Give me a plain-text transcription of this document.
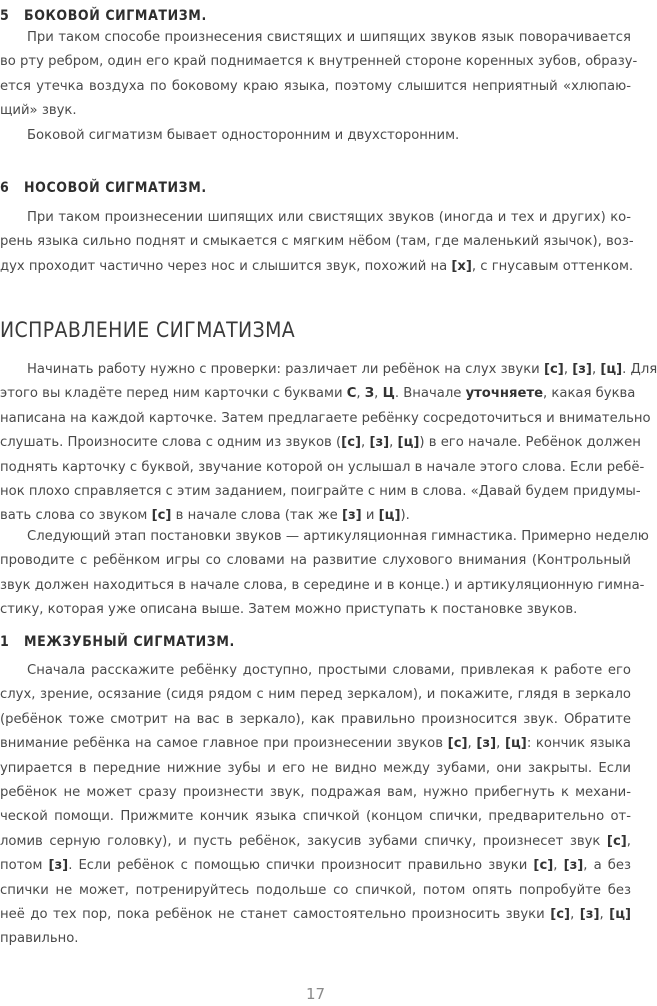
5 БОКОВОЙ СИГМАТИЗМ.
При таком способе произнесения свистящих и шипящих звуков язык поворачивается
во рту ребром, один его край поднимается к внутренней стороне коренных зубов, образу-
ется утечка воздуха по боковому краю языка, поэтому слышится неприятный «хлюпаю-
щий» звук.
Боковой сигматизм бывает односторонним и двухсторонним.
6 НОСОВОЙ СИГМАТИЗМ.
При таком произнесении шипящих или свистящих звуков (иногда и тех и других) ко-
рень языка сильно поднят и смыкается с мягким нёбом (там, где маленький язычок), воз-
дух проходит частично через нос и слышится звук, похожий на [х], с гнусавым оттенком.
ИСПРАВЛЕНИЕ СИГМАТИЗМА
Начинать работу нужно с проверки: различает ли ребёнок на слух звуки [с], [з], [ц]. Для
этого вы кладёте перед ним карточки с буквами С, З, Ц. Вначале уточняете, какая буква
написана на каждой карточке. Затем предлагаете ребёнку сосредоточиться и внимательно
слушать. Произносите слова с одним из звуков ([с], [з], [ц]) в его начале. Ребёнок должен
поднять карточку с буквой, звучание которой он услышал в начале этого слова. Если ребё-
нок плохо справляется с этим заданием, поиграйте с ним в слова. «Давай будем придумы-
вать слова со звуком [с] в начале слова (так же [з] и [ц]).
Следующий этап постановки звуков — артикуляционная гимнастика. Примерно неделю
проводите с ребёнком игры со словами на развитие слухового внимания (Контрольный
звук должен находиться в начале слова, в середине и в конце.) и артикуляционную гимна-
стику, которая уже описана выше. Затем можно приступать к постановке звуков.
1 МЕЖЗУБНЫЙ СИГМАТИЗМ.
Сначала расскажите ребёнку доступно, простыми словами, привлекая к работе его
слух, зрение, осязание (сидя рядом с ним перед зеркалом), и покажите, глядя в зеркало
(ребёнок тоже смотрит на вас в зеркало), как правильно произносится звук. Обратите
внимание ребёнка на самое главное при произнесении звуков [с], [з], [ц]: кончик языка
упирается в передние нижние зубы и его не видно между зубами, они закрыты. Если
ребёнок не может сразу произнести звук, подражая вам, нужно прибегнуть к механи-
ческой помощи. Прижмите кончик языка спичкой (концом спички, предварительно от-
ломив серную головку), и пусть ребёнок, закусив зубами спичку, произнесет звук [с],
потом [з]. Если ребёнок с помощью спички произносит правильно звуки [с], [з], а без
спички не может, потренируйтесь подольше со спичкой, потом опять попробуйте без
неё до тех пор, пока ребёнок не станет самостоятельно произносить звуки [с], [з], [ц]
правильно.
17
